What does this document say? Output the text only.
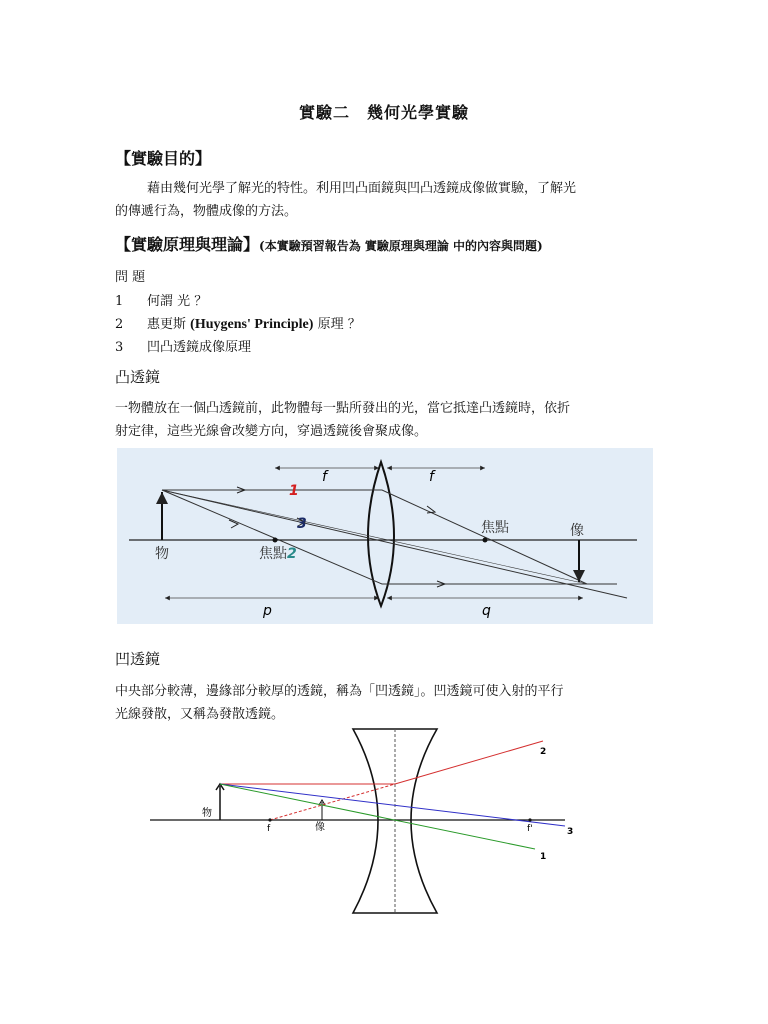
實驗二　幾何光學實驗
【實驗目的】
藉由幾何光學了解光的特性。利用凹凸面鏡與凹凸透鏡成像做實驗，了解光
的傳遞行為，物體成像的方法。
【實驗原理與理論】(本實驗預習報告為 實驗原理與理論 中的內容與問題)
問 題
1 何謂 光 ？
2 惠更斯 (Huygens' Principle) 原理 ？
3 凹凸透鏡成像原理
凸透鏡
一物體放在一個凸透鏡前，此物體每一點所發出的光，當它抵達凸透鏡時，依折
射定律，這些光線會改變方向，穿過透鏡後會聚成像。
f	f
物	焦點
焦點	像
1
2
3
p	q
凹透鏡
中央部分較薄，邊緣部分較厚的透鏡，稱為「凹透鏡」。凹透鏡可使入射的平行
光線發散，又稱為發散透鏡。
物
像
f	f'
1
2
3
